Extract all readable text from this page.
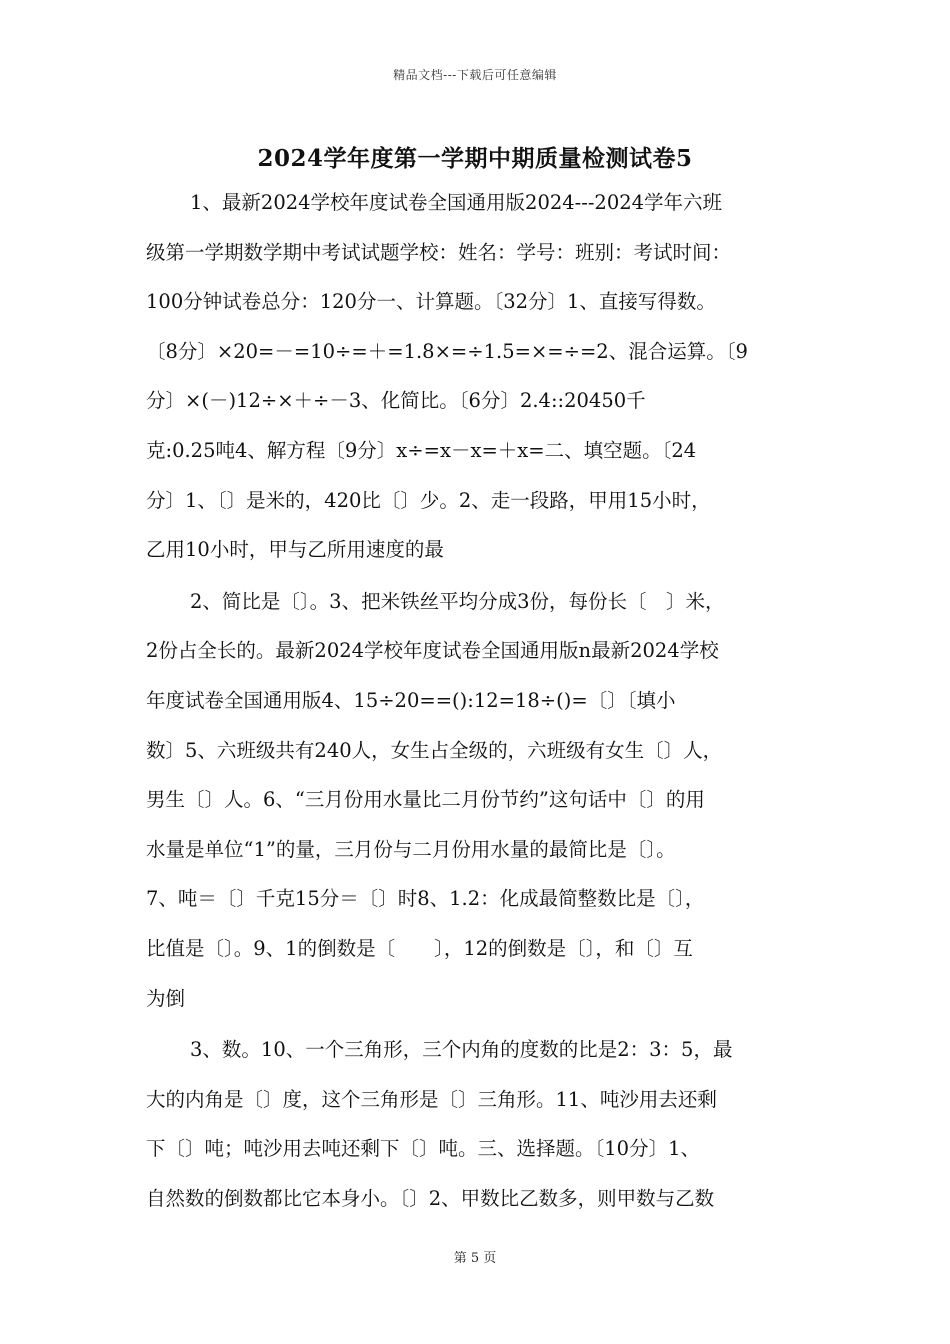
精品文档---下载后可任意编辑
2024学年度第一学期中期质量检测试卷5
1、最新2024学校年度试卷全国通用版2024---2024学年六班
级第一学期数学期中考试试题学校：姓名：学号：班别：考试时间：
100分钟试卷总分：120分一、计算题。〔32分〕1、直接写得数。
〔8分〕×20=－=10÷=＋=1.8×=÷1.5=×=÷=2、混合运算。〔9
分〕×(－)12÷×＋÷－3、化简比。〔6分〕2.4::20450千
克:0.25吨4、解方程〔9分〕x÷=x－x=＋x=二、填空题。〔24
分〕1、〔〕是米的，420比〔〕少。2、走一段路，甲用15小时，
乙用10小时，甲与乙所用速度的最
2、简比是〔〕。3、把米铁丝平均分成3份，每份长〔　〕米，
2份占全长的。最新2024学校年度试卷全国通用版n最新2024学校
年度试卷全国通用版4、15÷20==():12=18÷()=〔〕〔填小
数〕5、六班级共有240人，女生占全级的，六班级有女生〔〕人，
男生〔〕人。6、“三月份用水量比二月份节约”这句话中〔〕的用
水量是单位“1”的量，三月份与二月份用水量的最简比是〔〕。
7、吨＝〔〕千克15分＝〔〕时8、1.2：化成最简整数比是〔〕，
比值是〔〕。9、1的倒数是〔　　〕，12的倒数是〔〕，和〔〕互
为倒
3、数。10、一个三角形，三个内角的度数的比是2：3：5，最
大的内角是〔〕度，这个三角形是〔〕三角形。11、吨沙用去还剩
下〔〕吨；吨沙用去吨还剩下〔〕吨。三、选择题。〔10分〕1、
自然数的倒数都比它本身小。〔〕2、甲数比乙数多，则甲数与乙数
第 5 页
